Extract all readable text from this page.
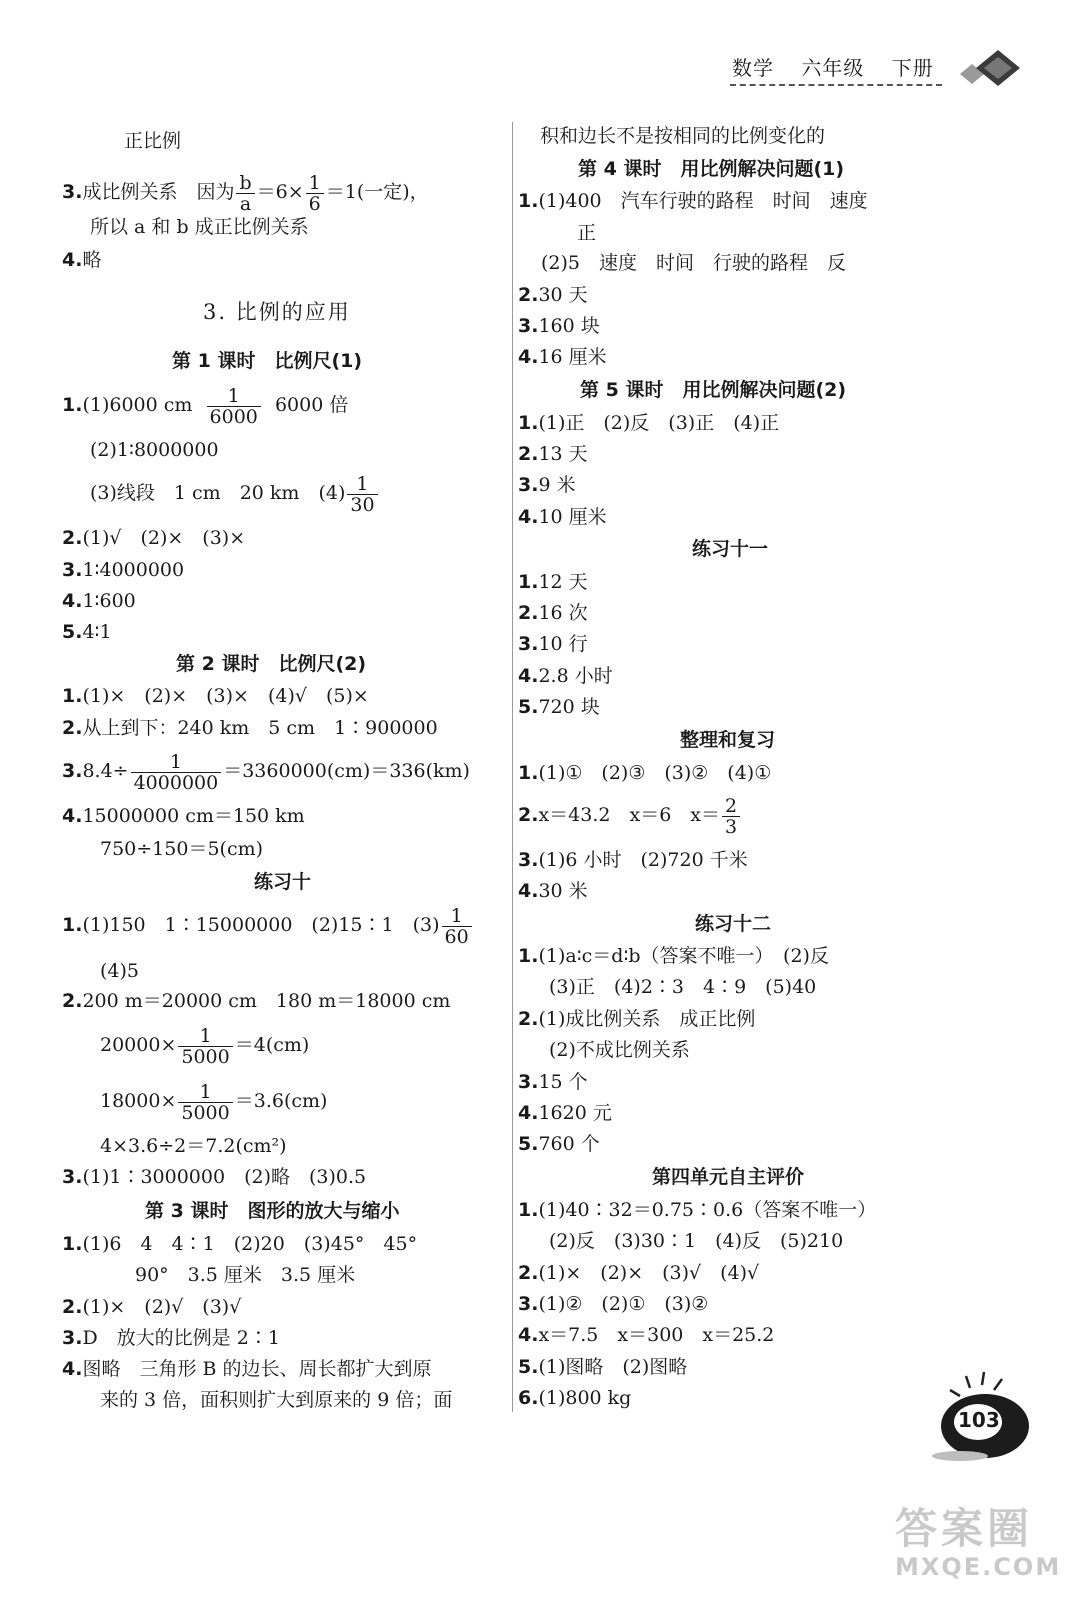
数学 六年级 下册
正比例
3.成比例关系　因为 $\frac{b}{a} =6\times \frac{1}{6} =1$(一定)，
所以 a 和 b 成正比例关系
4.略
3. 比例的应用
第 1 课时　比例尺(1)
1.(1)6000 cm $\frac{1}{6000} 6000$ 倍
(2)1∶8000000
(3)线段　1 cm　20 km　$(4) \frac{1}{30}$
2.(1)√　(2)×　(3)×
3.1∶4000000
4.1∶600
5.4∶1
第 2 课时　比例尺(2)
1.(1)×　(2)×　(3)×　(4)√　(5)×
2.从上到下：240 km　5 cm　1∶900000
$3.8.4\div \frac{1}{4000000} =3360000(cm)=336(km)$
4.15000000 cm＝150 km
750÷150＝5(cm)
练习十
1.(1)150　1∶15000000　(2)15∶1　$(3) \frac{1}{60}$
(4)5
2.200 m＝20000 cm　180 m＝18000 cm
$20000\times \frac{1}{5000} =4(cm)$
$18000\times \frac{1}{5000} =3.6(cm)$
4×3.6÷2＝7.2(cm²)
3.(1)1∶3000000　(2)略　(3)0.5
第 3 课时　图形的放大与缩小
1.(1)6　4　4∶1　(2)20　(3)45°　45°
90°　3.5 厘米　3.5 厘米
2.(1)×　(2)√　(3)√
3.D　放大的比例是 2∶1
4.图略　三角形 B 的边长、周长都扩大到原
来的 3 倍，面积则扩大到原来的 9 倍；面
积和边长不是按相同的比例变化的
第 4 课时　用比例解决问题(1)
1.(1)400　汽车行驶的路程　时间　速度
正
(2)5　速度　时间　行驶的路程　反
2.30 天
3.160 块
4.16 厘米
第 5 课时　用比例解决问题(2)
1.(1)正　(2)反　(3)正　(4)正
2.13 天
3.9 米
4.10 厘米
练习十一
1.12 天
2.16 次
3.10 行
4.2.8 小时
5.720 块
整理和复习
1.(1)①　(2)③　(3)②　(4)①
2.x＝43.2　x＝6　$x= \frac{2}{3}$
3.(1)6 小时　(2)720 千米
4.30 米
练习十二
1.(1)a∶c＝d∶b（答案不唯一）　(2)反
(3)正　(4)2∶3　4∶9　(5)40
2.(1)成比例关系　成正比例
(2)不成比例关系
3.15 个
4.1620 元
5.760 个
第四单元自主评价
1.(1)40∶32＝0.75∶0.6（答案不唯一）
(2)反　(3)30∶1　(4)反　(5)210
2.(1)×　(2)×　(3)√　(4)√
3.(1)②　(2)①　(3)②
4.x＝7.5　x＝300　x＝25.2
5.(1)图略　(2)图略
6.(1)800 kg
103
答案圈
MXQE.COM
